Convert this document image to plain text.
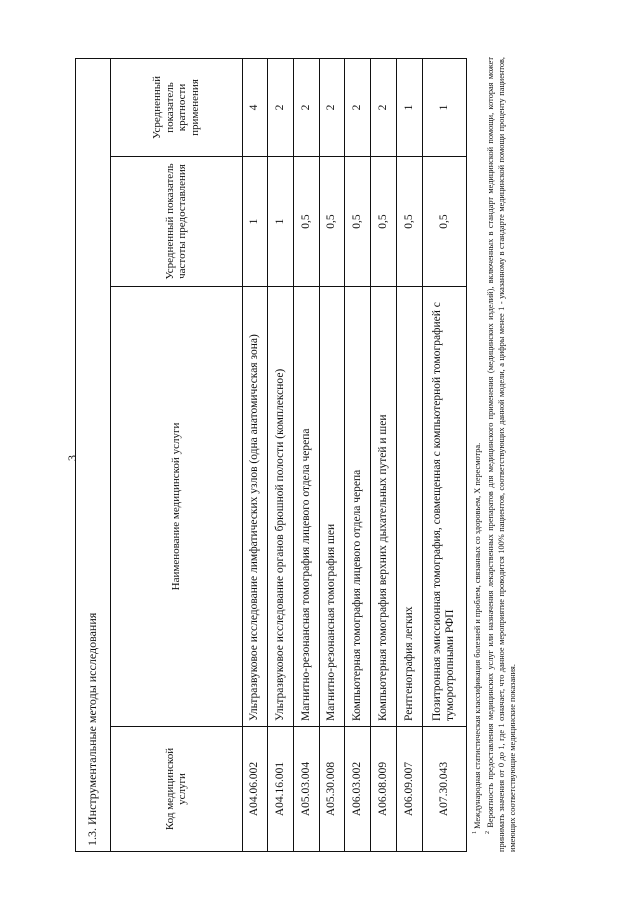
1.3. Инструментальные методы исследования			
Код медицинской услуги	Наименование медицинской услуги	Усредненный показатель частоты предоставления	Усредненный показатель кратности применения
A04.06.002	Ультразвуковое исследование лимфатических узлов (одна анатомическая зона)	1	4
A04.16.001	Ультразвуковое исследование органов брюшной полости (комплексное)	1	2
A05.03.004	Магнитно-резонансная томография лицевого отдела черепа	0,5	2
A05.30.008	Магнитно-резонансная томография шеи	0,5	2
A06.03.002	Компьютерная томография лицевого отдела черепа	0,5	2
A06.08.009	Компьютерная томография верхних дыхательных путей и шеи	0,5	2
A06.09.007	Рентгенография легких	0,5	1
A07.30.043	Позитронная эмиссионная томография, совмещенная с компьютерной томографией с туморотропными РФП	0,5	1

$^1$ Международная статистическая классификация болезней и проблем, связанных со здоровьем, X пересмотра.

$^2$ Вероятность предоставления медицинских услуг или назначения лекарственных препаратов для медицинского применения (медицинских изделий), включенных в стандарт медицинской помощи, которая может принимать значения от 0 до 1, где 1 означает, что данное мероприятие проводится 100% пациентов, соответствующих данной модели, а цифры менее 1 - указанному в стандарте медицинской помощи проценту пациентов, имеющих соответствующие медицинские показания.

3
